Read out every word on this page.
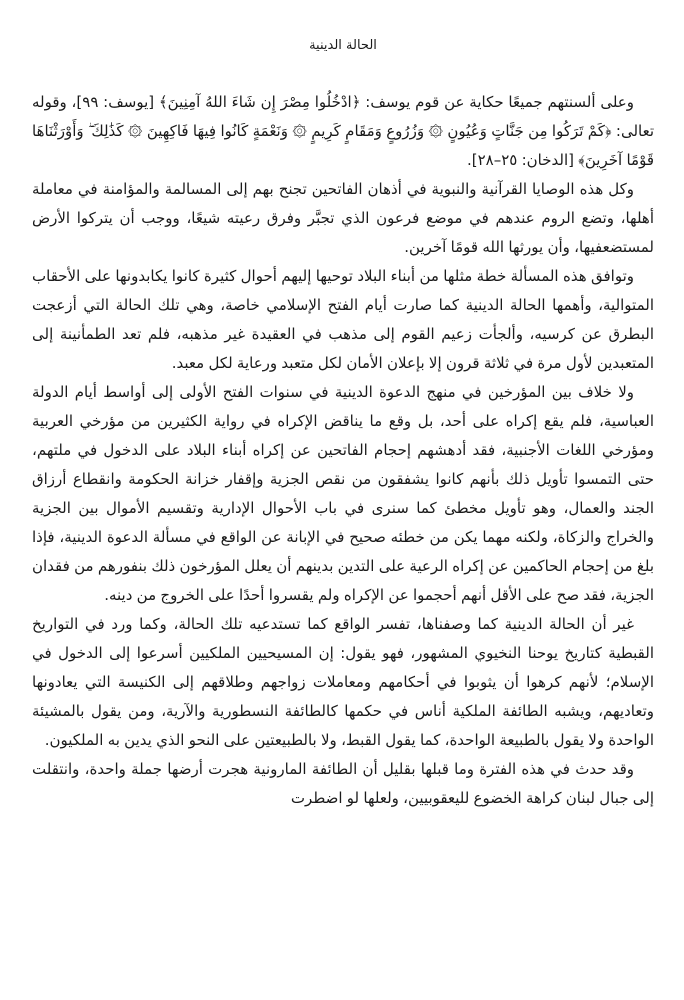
الحالة الدينية

وعلى ألسنتهم جميعًا حكاية عن قوم يوسف: ﴿ادْخُلُوا مِصْرَ إِن شَاءَ اللهُ آمِنِينَ﴾ [يوسف: ٩٩]، وقوله تعالى: ﴿كَمْ تَرَكُوا مِن جَنَّاتٍ وَعُيُونٍ ۞ وَزُرُوعٍ وَمَقَامٍ كَرِيمٍ ۞ وَنَعْمَةٍ كَانُوا فِيهَا فَاكِهِينَ ۞ كَذَٰلِكَ ۖ وَأَوْرَثْنَاهَا قَوْمًا آخَرِينَ﴾ [الدخان: ٢٥–٢٨].

وكل هذه الوصايا القرآنية والنبوية في أذهان الفاتحين تجنح بهم إلى المسالمة والمؤامنة في معاملة أهلها، وتضع الروم عندهم في موضع فرعون الذي تجبَّر وفرق رعيته شيعًا، ووجب أن يتركوا الأرض لمستضعفيها، وأن يورثها الله قومًا آخرين.

وتوافق هذه المسألة خطة مثلها من أبناء البلاد توحيها إليهم أحوال كثيرة كانوا يكابدونها على الأحقاب المتوالية، وأهمها الحالة الدينية كما صارت أيام الفتح الإسلامي خاصة، وهي تلك الحالة التي أزعجت البطرق عن كرسيه، وألجأت زعيم القوم إلى مذهب في العقيدة غير مذهبه، فلم تعد الطمأنينة إلى المتعبدين لأول مرة في ثلاثة قرون إلا بإعلان الأمان لكل متعبد ورعاية لكل معبد.

ولا خلاف بين المؤرخين في منهج الدعوة الدينية في سنوات الفتح الأولى إلى أواسط أيام الدولة العباسية، فلم يقع إكراه على أحد، بل وقع ما يناقض الإكراه في رواية الكثيرين من مؤرخي العربية ومؤرخي اللغات الأجنبية، فقد أدهشهم إحجام الفاتحين عن إكراه أبناء البلاد على الدخول في ملتهم، حتى التمسوا تأويل ذلك بأنهم كانوا يشفقون من نقص الجزية وإقفار خزانة الحكومة وانقطاع أرزاق الجند والعمال، وهو تأويل مخطئ كما سنرى في باب الأحوال الإدارية وتقسيم الأموال بين الجزية والخراج والزكاة، ولكنه مهما يكن من خطئه صحيح في الإبانة عن الواقع في مسألة الدعوة الدينية، فإذا بلغ من إحجام الحاكمين عن إكراه الرعية على التدين بدينهم أن يعلل المؤرخون ذلك بنفورهم من فقدان الجزية، فقد صح على الأقل أنهم أحجموا عن الإكراه ولم يقسروا أحدًا على الخروج من دينه.

غير أن الحالة الدينية كما وصفناها، تفسر الواقع كما تستدعيه تلك الحالة، وكما ورد في التواريخ القبطية كتاريخ يوحنا النخيوي المشهور، فهو يقول: إن المسيحيين الملكيين أسرعوا إلى الدخول في الإسلام؛ لأنهم كرهوا أن يثوبوا في أحكامهم ومعاملات زواجهم وطلاقهم إلى الكنيسة التي يعادونها وتعاديهم، ويشبه الطائفة الملكية أناس في حكمها كالطائفة النسطورية والآرية، ومن يقول بالمشيئة الواحدة ولا يقول بالطبيعة الواحدة، كما يقول القبط، ولا بالطبيعتين على النحو الذي يدين به الملكيون.

وقد حدث في هذه الفترة وما قبلها بقليل أن الطائفة المارونية هجرت أرضها جملة واحدة، وانتقلت إلى جبال لبنان كراهة الخضوع لليعقوبيين، ولعلها لو اضطرت
